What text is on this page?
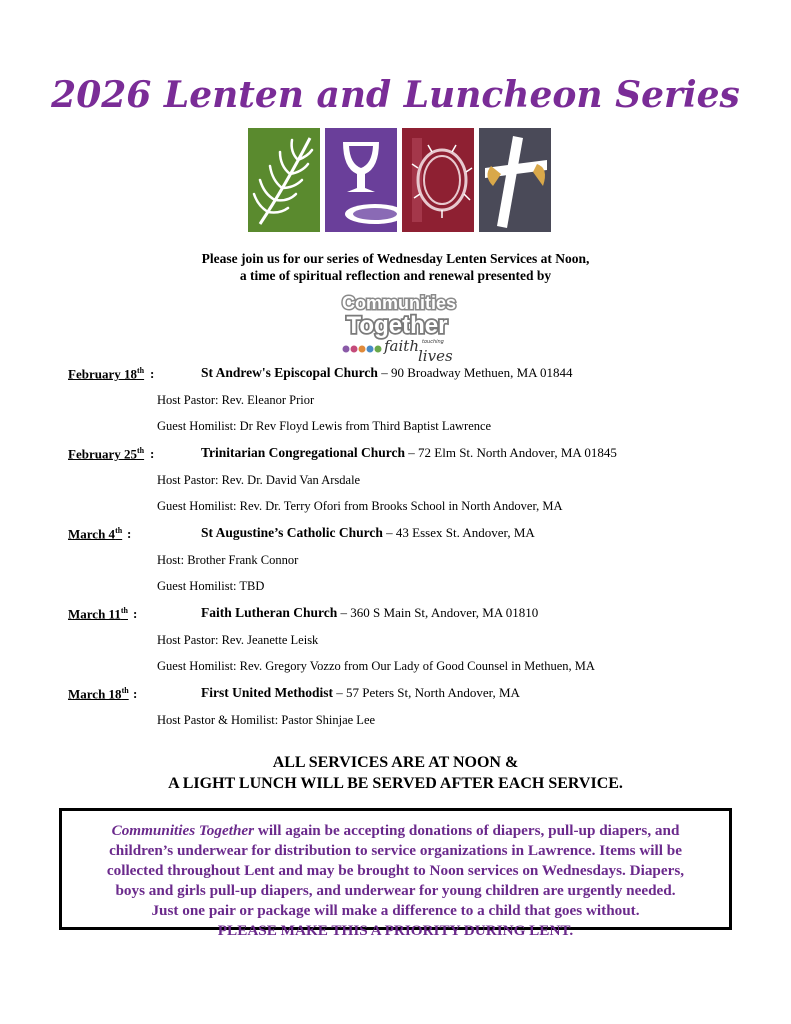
2026 Lenten and Luncheon Series
Please join us for our series of Wednesday Lenten Services at Noon,
a time of spiritual reflection and renewal presented by
Communities
Together
faith touching
lives
February 18th :	St Andrew's Episcopal Church – 90 Broadway Methuen, MA 01844
Host Pastor: Rev. Eleanor Prior
Guest Homilist: Dr Rev Floyd Lewis from Third Baptist Lawrence
February 25th :	Trinitarian Congregational Church – 72 Elm St. North Andover, MA 01845
Host Pastor: Rev. Dr. David Van Arsdale
Guest Homilist: Rev. Dr. Terry Ofori from Brooks School in North Andover, MA
March 4th :	St Augustine’s Catholic Church – 43 Essex St. Andover, MA
Host: Brother Frank Connor
Guest Homilist: TBD
March 11th :	Faith Lutheran Church – 360 S Main St, Andover, MA 01810
Host Pastor: Rev. Jeanette Leisk
Guest Homilist: Rev. Gregory Vozzo from Our Lady of Good Counsel in Methuen, MA
March 18th :	First United Methodist – 57 Peters St, North Andover, MA
Host Pastor & Homilist: Pastor Shinjae Lee
ALL SERVICES ARE AT NOON &
A LIGHT LUNCH WILL BE SERVED AFTER EACH SERVICE.
Communities Together will again be accepting donations of diapers, pull-up diapers, and
children’s underwear for distribution to service organizations in Lawrence. Items will be
collected throughout Lent and may be brought to Noon services on Wednesdays. Diapers,
boys and girls pull-up diapers, and underwear for young children are urgently needed.
Just one pair or package will make a difference to a child that goes without.
PLEASE MAKE THIS A PRIORITY DURING LENT.
